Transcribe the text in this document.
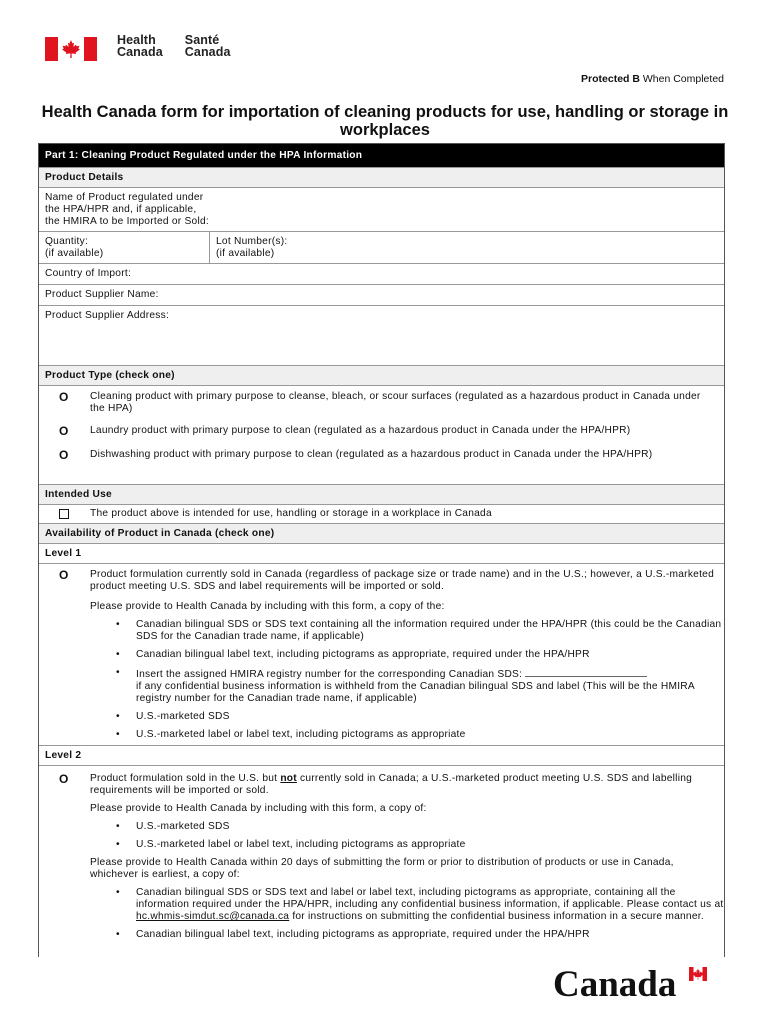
Health
Canada
Santé
Canada
Protected B When Completed
Health Canada form for importation of cleaning products for use, handling or storage in workplaces
Part 1: Cleaning Product Regulated under the HPA Information
Product Details
Name of Product regulated under
the HPA/HPR and, if applicable,
the HMIRA to be Imported or Sold:
Quantity:
(if available)
Lot Number(s):
(if available)
Country of Import:
Product Supplier Name:
Product Supplier Address:
Product Type (check one)
O Cleaning product with primary purpose to cleanse, bleach, or scour surfaces (regulated as a hazardous product in Canada under the HPA)
O Laundry product with primary purpose to clean (regulated as a hazardous product in Canada under the HPA/HPR)
O Dishwashing product with primary purpose to clean (regulated as a hazardous product in Canada under the HPA/HPR)
Intended Use
The product above is intended for use, handling or storage in a workplace in Canada
Availability of Product in Canada (check one)
Level 1
O Product formulation currently sold in Canada (regardless of package size or trade name) and in the U.S.; however, a U.S.-marketed product meeting U.S. SDS and label requirements will be imported or sold.
Please provide to Health Canada by including with this form, a copy of the:
• Canadian bilingual SDS or SDS text containing all the information required under the HPA/HPR (this could be the Canadian SDS for the Canadian trade name, if applicable)
• Canadian bilingual label text, including pictograms as appropriate, required under the HPA/HPR
• Insert the assigned HMIRA registry number for the corresponding Canadian SDS:
if any confidential business information is withheld from the Canadian bilingual SDS and label (This will be the HMIRA registry number for the Canadian trade name, if applicable)
• U.S.-marketed SDS
• U.S.-marketed label or label text, including pictograms as appropriate
Level 2
O Product formulation sold in the U.S. but not currently sold in Canada; a U.S.-marketed product meeting U.S. SDS and labelling requirements will be imported or sold.
Please provide to Health Canada by including with this form, a copy of:
• U.S.-marketed SDS
• U.S.-marketed label or label text, including pictograms as appropriate
Please provide to Health Canada within 20 days of submitting the form or prior to distribution of products or use in Canada, whichever is earliest, a copy of:
• Canadian bilingual SDS or SDS text and label or label text, including pictograms as appropriate, containing all the information required under the HPA/HPR, including any confidential business information, if applicable. Please contact us at hc.whmis-simdut.sc@canada.ca for instructions on submitting the confidential business information in a secure manner.
• Canadian bilingual label text, including pictograms as appropriate, required under the HPA/HPR
Canada
